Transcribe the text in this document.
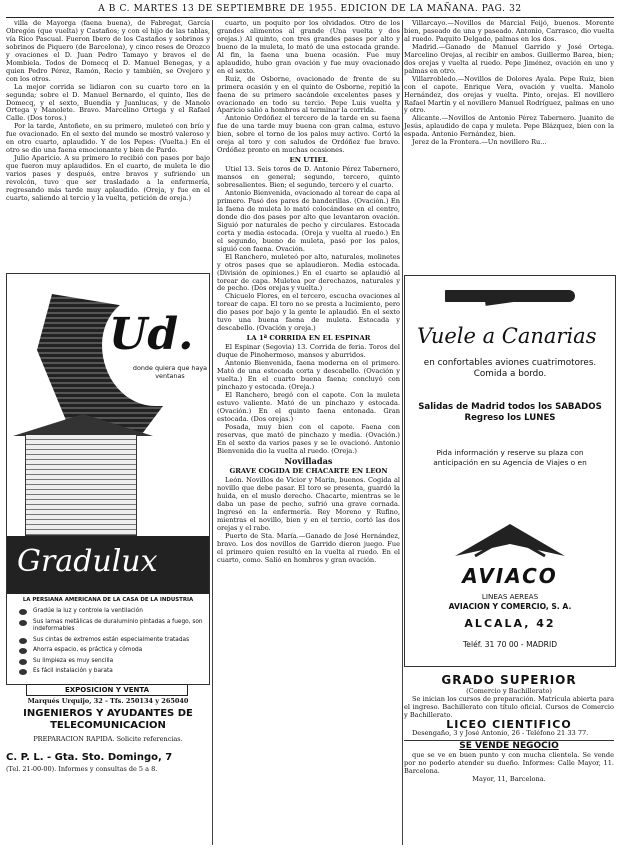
A B C. MARTES 13 DE SEPTIEMBRE DE 1955. EDICION DE LA MAÑANA. PAG. 32

villa de Mayorga (faena buena), de Fabregat, García Obregón (que vuelta) y Castaños; y con el hijo de las tablas, vía Rico Pascual. Fueron Ibero de los Castaños y sobrinos y sobrinos de Piquero (de Barcelona), y cinco reses de Orozco y ovaciones el D. Juan Pedro Tamayo y bravos el de Mombiela. Todos de Domecq el D. Manuel Benegas, y a quien Pedro Pérez, Ramón, Recio y también, se Ovejero y con los otros.

La mejor corrida se lidiaron con su cuarto toro en la segunda; sobre el D. Manuel Bernardo, el quinto, Iles de Domecq, y el sexto, Buendía y Juanlucas, y de Manolo Ortega y Manolete. Bravo. Marcelino Ortega y el Rafael Calle. (Dos toros.)

Por la tarde, Antoñete, en su primero, muleteó con brío y fue ovacionado. En el sexto del mundo se mostró valeroso y en otro cuarto, aplaudido. Y de los Pepes: (Vuelta.) En el otro se dio una faena emocionante y bien de Pardo.

Julio Aparicio. A su primero lo recibió con pases por bajo que fueron muy aplaudidos. En el cuarto, de muleta le dio varios pases y después, entre bravos y sufriendo un revolcón, tuvo que ser trasladado a la enfermería, regresando más tarde muy aplaudido. (Oreja, y fue en el cuarto, saliendo al tercio y la vuelta, petición de oreja.)

se lo decimos a
Ud.
donde quiera que haya ventanas
Gradulux
LA PERSIANA AMERICANA DE LA CASA DE LA INDUSTRIA
Gradúe la luz y controle la ventilación
Sus lamas metálicas de duraluminio pintadas a fuego, son indeformables
Sus cintas de extremos están especialmente tratadas
Ahorra espacio, es práctica y cómoda
Su limpieza es muy sencilla
Es fácil instalación y barata
EXPOSICION Y VENTA
Marqués Urquijo, 32 - Tfs. 250134 y 265040
INGENIEROS Y AYUDANTES DE TELECOMUNICACION
PREPARACION RAPIDA. Solicite referencias.
C. P. L. - Gta. Sto. Domingo, 7
(Tel. 21-00-00). Informes y consultas de 5 a 8.

cuarto, un poquito por los olvidados. Otro de los grandes alimentos al grande (Una vuelta y dos orejas.) Al quinto, con tres grandes pases por alto y bueno de la muleta, lo mató de una estocada grande. Al fin, la faena una buena ocasión. Fue muy aplaudido, hubo gran ovación y fue muy ovacionado en el sexto.

Ruiz, de Osborne, ovacionado de frente de su primera ocasión y en el quinto de Osborne, repitió la faena de su primero sacándole excelentes pases y ovacionado en todo su tercio. Pepe Luis vuelta y Aparicio salió a hombros al terminar la corrida.

Antonio Ordóñez el tercero de la tarde en su faena fue de una tarde muy buena con gran calma, estuvo bien, sobre el torno de los palos muy activo. Cortó la oreja al toro y con saludos de Ordóñez fue bravo. Ordóñez pronto en muchas ocasiones.

EN UTIEL

Utiel 13. Seis toros de D. Antonio Pérez Tabernero, mansos en general; segundo, tercero, quinto sobresalientes. Bien; el segundo, tercero y el cuarto.

Antonio Bienvenida, ovacionado al torear de capa al primero. Pasó dos pares de banderillas. (Ovación.) En la faena de muleta lo mató colocándose en el centro, donde dio dos pases por alto que levantaron ovación. Siguió por naturales de pecho y circulares. Estocada corta y media estocada. (Oreja y vuelta al ruedo.) En el segundo, bueno de muleta, pasó por los palos, siguió con faena. Ovación.

El Ranchero, muleteó por alto, naturales, molinetes y otros pases que se aplaudieron. Media estocada. (División de opiniones.) En el cuarto se aplaudió al torear de capa. Muletea por derechazos, naturales y de pecho. (Dos orejas y vuelta.)

Chicuelo Flores, en el tercero, escucha ovaciones al torear de capa. El toro no se presta a lucimiento, pero dio pases por bajo y la gente le aplaudió. En el sexto tuvo una buena faena de muleta. Estocada y descabello. (Ovación y oreja.)

LA 1ª CORRIDA EN EL ESPINAR

El Espinar (Segovia) 13. Corrida de feria. Toros del duque de Pinohermoso, mansos y aburridos.

Antonio Bienvenida, faena moderna en el primero. Mató de una estocada corta y descabello. (Ovación y vuelta.) En el cuarto buena faena; concluyó con pinchazo y estocada. (Oreja.)

El Ranchero, bregó con el capote. Con la muleta estuvo valiente. Mató de un pinchazo y estocada. (Ovación.) En el quinto faena entonada. Gran estocada. (Dos orejas.)

Posada, muy bien con el capote. Faena con reservas, que mató de pinchazo y media. (Ovación.) En el sexto da varios pases y se le ovacionó. Antonio Bienvenida dio la vuelta al ruedo. (Oreja.)

Novilladas
GRAVE COGIDA DE CHACARTE EN LEON

León. Novillos de Vicior y Marín, buenos. Cogida al novillo que debe pasar. El toro se presenta, guardó la huida, en el muslo derecho. Chacarte, mientras se le daba un pase de pecho, sufrió una grave cornada. Ingresó en la enfermería. Rey Moreno y Rufino, mientras el novillo, bien y en el tercio, cortó las dos orejas y el rabo.

Puerto de Sta. María.—Ganado de José Hernández, bravo. Los dos novillos de Garrido dieron juego. Fue el primero quien resultó en la vuelta al ruedo. En el cuarto, como. Salió en hombros y gran ovación.

Villarcayo.—Novillos de Marcial Feijó, buenos. Morente bien, paseado de una y paseado. Antonio, Carrasco, dio vuelta al ruedo. Paquito Delgado, palmas en los dos.

Madrid.—Ganado de Manuel Garrido y José Ortega. Marcelino Orejas, al recibir en ambos. Guillermo Barea, bien; dos orejas y vuelta al ruedo. Pepe Jiménez, ovación en uno y palmas en otro.

Villarrobledo.—Novillos de Dolores Ayala. Pepe Ruiz, bien con el capote. Enrique Vera, ovación y vuelta. Manolo Hernández, dos orejas y vuelta. Pinto, orejas. El novillero Rafael Martín y el novillero Manuel Rodríguez, palmas en uno y otro.

Alicante.—Novillos de Antonio Pérez Tabernero. Juanito de Jesús, aplaudido de capa y muleta. Pepe Blázquez, bien con la espada. Antonio Fernández, bien.

Jerez de la Frontera.—Un novillero Ru...

Vuele a Canarias
en confortables aviones cuatrimotores. Comida a bordo.
Salidas de Madrid todos los SABADOS Regreso los LUNES
Pida información y reserve su plaza con anticipación en su Agencia de Viajes o en
AVIACO
LINEAS AEREAS
AVIACION Y COMERCIO, S. A.
ALCALA, 42
Teléf. 31 70 00 - MADRID
GRADO SUPERIOR
(Comercio y Bachillerato)

Se inician los cursos de preparación. Matrícula abierta para el ingreso. Bachillerato con título oficial. Cursos de Comercio y Bachillerato.

LICEO CIENTIFICO

Desengaño, 3 y José Antonio, 26 - Teléfono 21 33 77.

SE VENDE NEGOCIO

que se ve en buen punto y con mucha clientela. Se vende por no poderlo atender su dueño. Informes: Calle Mayor, 11. Barcelona.

Mayor, 11, Barcelona.
